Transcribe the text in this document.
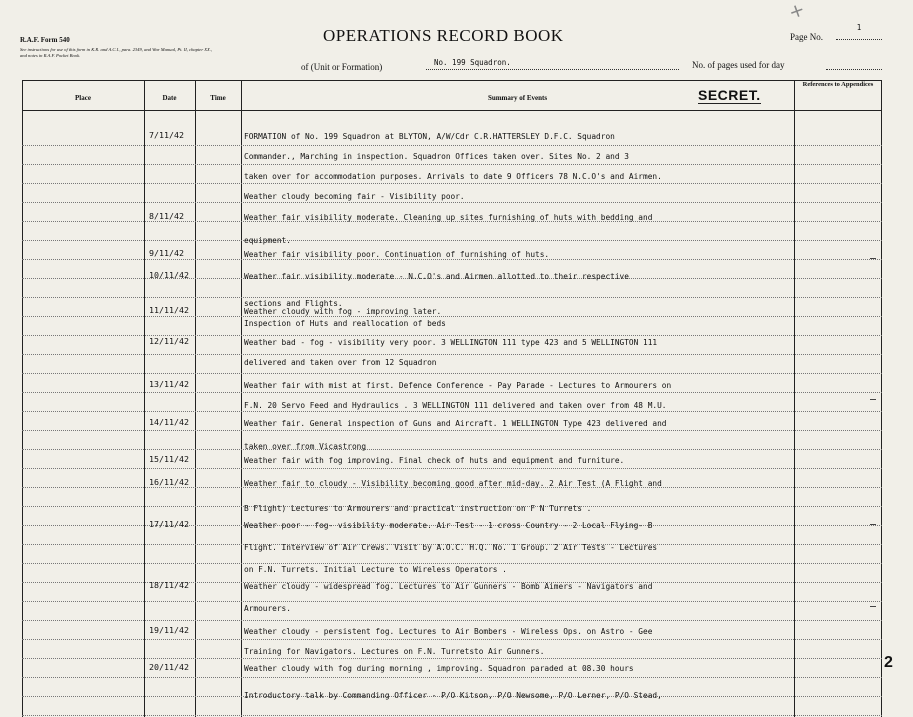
✕
R.A.F. Form 540
See instructions for use of this form in K.R. and A.C.I., para. 2349, and War Manual, Pt. II, chapter XX., and notes in R.A.F. Pocket Book.
OPERATIONS RECORD BOOK
of (Unit or Formation)	No. 199 Squadron.
Page No.
1
No. of pages used for day
Place	Date	Time	Summary of Events
References to Appendices
SECRET.
7/11/42	FORMATION of No. 199 Squadron at BLYTON, A/W/Cdr C.R.HATTERSLEY D.F.C. Squadron
Commander., Marching in inspection. Squadron Offices taken over. Sites No. 2 and 3
taken over for accommodation purposes. Arrivals to date 9 Officers 78 N.C.O's and Airmen.
Weather cloudy becoming fair - Visibility poor.
8/11/42	Weather fair visibility moderate. Cleaning up sites furnishing of huts with bedding and
equipment.
9/11/42	Weather fair visibility poor. Continuation of furnishing of huts.
10/11/42	Weather fair visibility moderate - N.C.O's and Airmen allotted to their respective
sections and Flights.
11/11/42	Weather cloudy with fog - improving later.
Inspection of Huts and reallocation of beds
12/11/42	Weather bad - fog - visibility very poor. 3 WELLINGTON 111 type 423 and 5 WELLINGTON 111
delivered and taken over from 12 Squadron
13/11/42	Weather fair with mist at first. Defence Conference - Pay Parade - Lectures to Armourers on
F.N. 20 Servo Feed and Hydraulics . 3 WELLINGTON 111 delivered and taken over from 48 M.U.
14/11/42	Weather fair. General inspection of Guns and Aircraft. 1 WELLINGTON Type 423 delivered and
taken over from Vicastrong
15/11/42	Weather fair with fog improving. Final check of huts and equipment and furniture.
16/11/42	Weather fair to cloudy - Visibility becoming good after mid-day. 2 Air Test (A Flight and
B Flight) Lectures to Armourers and practical instruction on F N Turrets .
17/11/42	Weather poor - fog- visibility moderate. Air Test - 1 cross Country - 2 Local Flying- B
Flight. Interview of Air Crews. Visit by A.O.C. H.Q. No. 1 Group. 2 Air Tests - Lectures
on F.N. Turrets. Initial Lecture to Wireless Operators .
18/11/42	Weather cloudy - widespread fog. Lectures to Air Gunners - Bomb Aimers - Navigators and
Armourers.
19/11/42	Weather cloudy - persistent fog. Lectures to Air Bombers - Wireless Ops. on Astro - Gee
Training for Navigators. Lectures on F.N. Turretsto Air Gunners.
20/11/42	Weather cloudy with fog during morning , improving. Squadron paraded at 08.30 hours
Introductory talk by Commanding Officer - P/O Kitson, P/O Newsome, P/O Lerner, P/O Stead,
2
